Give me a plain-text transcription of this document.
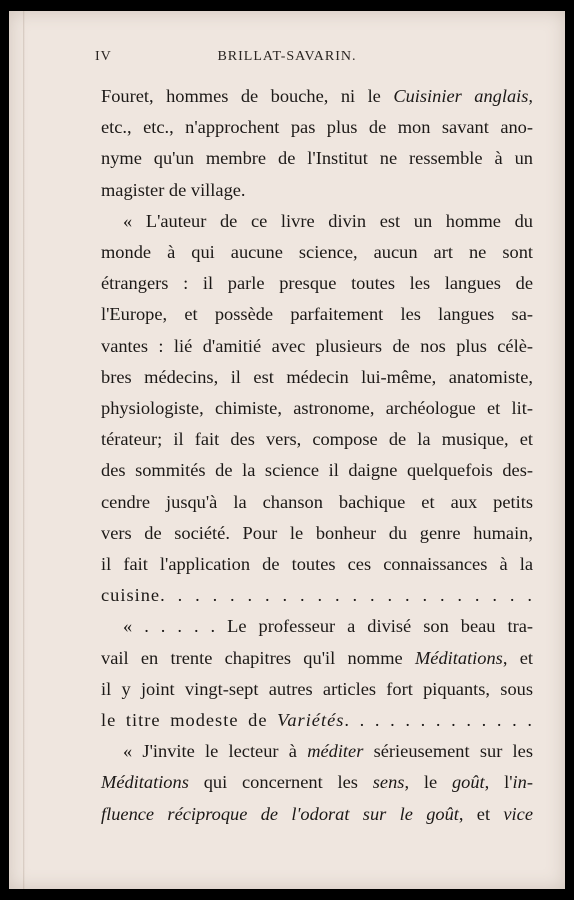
BRILLAT-SAVARIN.
IV
Fouret, hommes de bouche, ni le Cuisinier anglais,
etc., etc., n'approchent pas plus de mon savant ano-
nyme qu'un membre de l'Institut ne ressemble à un
magister de village.
« L'auteur de ce livre divin est un homme du
monde à qui aucune science, aucun art ne sont
étrangers : il parle presque toutes les langues de
l'Europe, et possède parfaitement les langues sa-
vantes : lié d'amitié avec plusieurs de nos plus célè-
bres médecins, il est médecin lui-même, anatomiste,
physiologiste, chimiste, astronome, archéologue et lit-
térateur; il fait des vers, compose de la musique, et
des sommités de la science il daigne quelquefois des-
cendre jusqu'à la chanson bachique et aux petits
vers de société. Pour le bonheur du genre humain,
il fait l'application de toutes ces connaissances à la
cuisine. . . . . . . . . . . . . . . . . . . . . .
« . . . . . Le professeur a divisé son beau tra-
vail en trente chapitres qu'il nomme Méditations, et
il y joint vingt-sept autres articles fort piquants, sous
le titre modeste de Variétés. . . . . . . . . . . . .
« J'invite le lecteur à méditer sérieusement sur les
Méditations qui concernent les sens, le goût, l'in-
fluence réciproque de l'odorat sur le goût, et vice
